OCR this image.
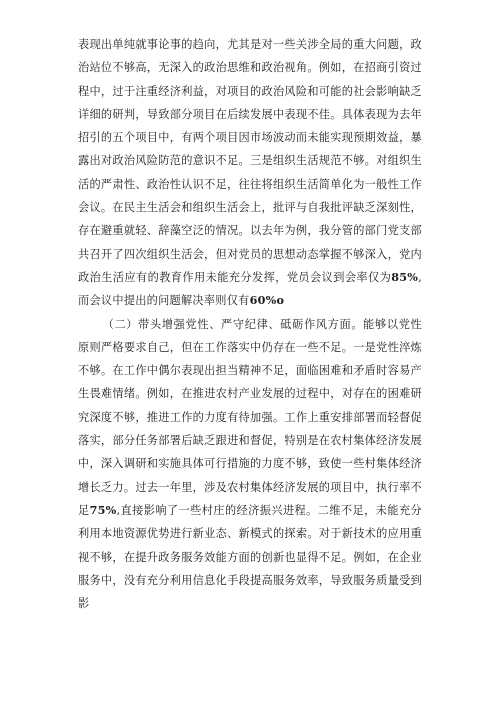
表现出单纯就事论事的趋向，尤其是对一些关涉全局的重大问题，政治站位不够高，无深入的政治思维和政治视角。例如，在招商引资过程中，过于注重经济利益，对项目的政治风险和可能的社会影响缺乏详细的研判，导致部分项目在后续发展中表现不佳。具体表现为去年招引的五个项目中，有两个项目因市场波动而未能实现预期效益，暴露出对政治风险防范的意识不足。三是组织生活规范不够。对组织生活的严肃性、政治性认识不足，往往将组织生活简单化为一般性工作会议。在民主生活会和组织生活会上，批评与自我批评缺乏深刻性，存在避重就轻、辞藻空泛的情况。以去年为例，我分管的部门党支部共召开了四次组织生活会，但对党员的思想动态掌握不够深入，党内政治生活应有的教育作用未能充分发挥，党员会议到会率仅为85%,而会议中提出的问题解决率则仅有60%o

（二）带头增强党性、严守纪律、砥砺作风方面。能够以党性原则严格要求自己，但在工作落实中仍存在一些不足。一是党性淬炼不够。在工作中偶尔表现出担当精神不足，面临困难和矛盾时容易产生畏难情绪。例如，在推进农村产业发展的过程中，对存在的困难研究深度不够，推进工作的力度有待加强。工作上重安排部署而轻督促落实，部分任务部署后缺乏跟进和督促，特别是在农村集体经济发展中，深入调研和实施具体可行措施的力度不够，致使一些村集体经济增长乏力。过去一年里，涉及农村集体经济发展的项目中，执行率不足75%,直接影响了一些村庄的经济振兴进程。二维不足，未能充分利用本地资源优势进行新业态、新模式的探索。对于新技术的应用重视不够，在提升政务服务效能方面的创新也显得不足。例如，在企业服务中，没有充分利用信息化手段提高服务效率，导致服务质量受到影
